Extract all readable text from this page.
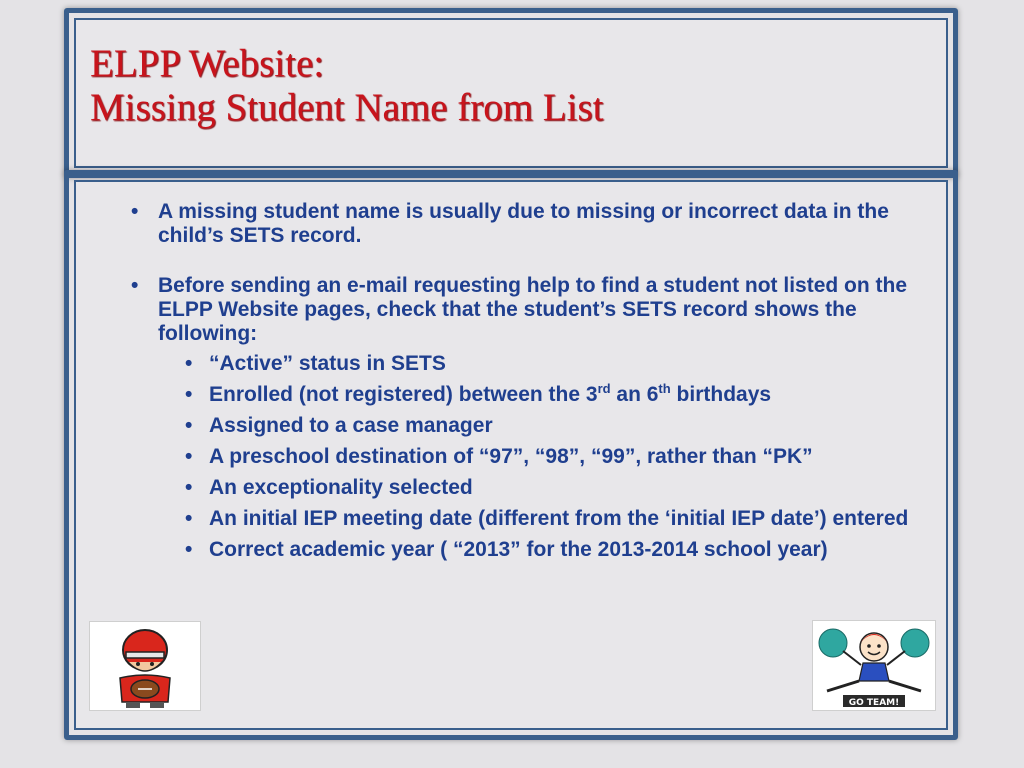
ELPP Website:
Missing Student Name from List
• A missing student name is usually due to missing or incorrect data in the child’s SETS record.
• Before sending an e-mail requesting help to find a student not listed on the ELPP Website pages, check that the student’s SETS record shows the following:
• “Active” status in SETS
• Enrolled (not registered) between the 3rd an 6th birthdays
• Assigned to a case manager
• A preschool destination of “97”, “98”, “99”, rather than “PK”
• An exceptionality selected
• An initial IEP meeting date (different from the ‘initial IEP date’) entered
• Correct academic year ( “2013” for the 2013-2014 school year)
GO TEAM!
